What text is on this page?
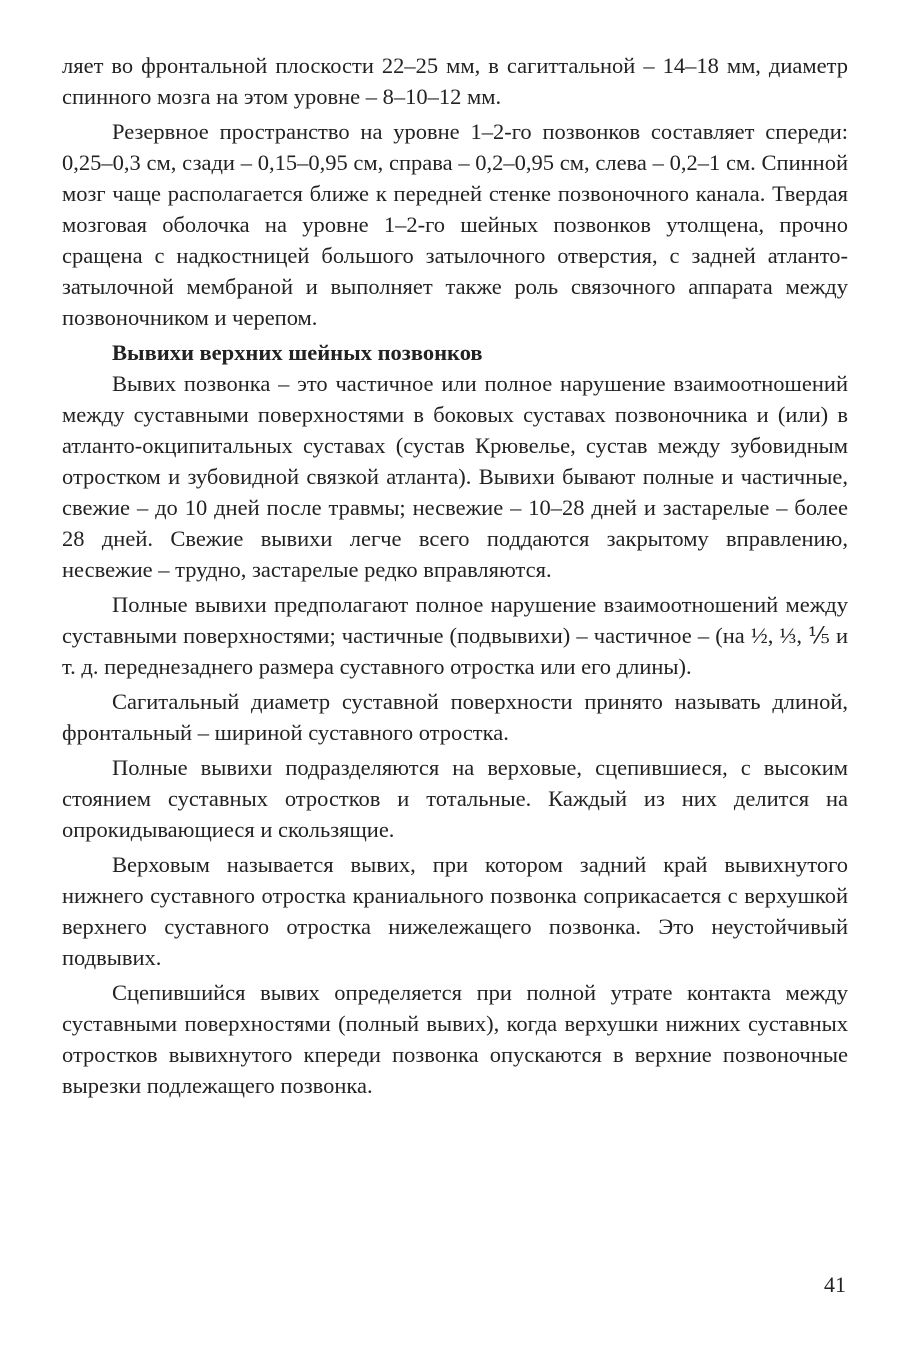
ляет во фронтальной плоскости 22–25 мм, в сагиттальной – 14–18 мм, диаметр спинного мозга на этом уровне – 8–10–12 мм.

Резервное пространство на уровне 1–2-го позвонков составляет спереди: 0,25–0,3 см, сзади – 0,15–0,95 см, справа – 0,2–0,95 см, слева – 0,2–1 см. Спинной мозг чаще располагается ближе к передней стенке позвоночного канала. Твердая мозговая оболочка на уровне 1–2-го шейных позвонков утолщена, прочно сращена с надкостницей большого затылочного отверстия, с задней атланто-затылочной мембраной и выполняет также роль связочного аппарата между позвоночником и черепом.

Вывихи верхних шейных позвонков

Вывих позвонка – это частичное или полное нарушение взаимоотношений между суставными поверхностями в боковых суставах позвоночника и (или) в атланто-окципитальных суставах (сустав Крювелье, сустав между зубовидным отростком и зубовидной связкой атланта). Вывихи бывают полные и частичные, свежие – до 10 дней после травмы; несвежие – 10–28 дней и застарелые – более 28 дней. Свежие вывихи легче всего поддаются закрытому вправлению, несвежие – трудно, застарелые редко вправляются.

Полные вывихи предполагают полное нарушение взаимоотношений между суставными поверхностями; частичные (подвывихи) – частичное – (на ½, ⅓, ⅕ и т. д. переднезаднего размера суставного отростка или его длины).

Сагитальный диаметр суставной поверхности принято называть длиной, фронтальный – шириной суставного отростка.

Полные вывихи подразделяются на верховые, сцепившиеся, с высоким стоянием суставных отростков и тотальные. Каждый из них делится на опрокидывающиеся и скользящие.

Верховым называется вывих, при котором задний край вывихнутого нижнего суставного отростка краниального позвонка соприкасается с верхушкой верхнего суставного отростка нижележащего позвонка. Это неустойчивый подвывих.

Сцепившийся вывих определяется при полной утрате контакта между суставными поверхностями (полный вывих), когда верхушки нижних суставных отростков вывихнутого кпереди позвонка опускаются в верхние позвоночные вырезки подлежащего позвонка.

41
